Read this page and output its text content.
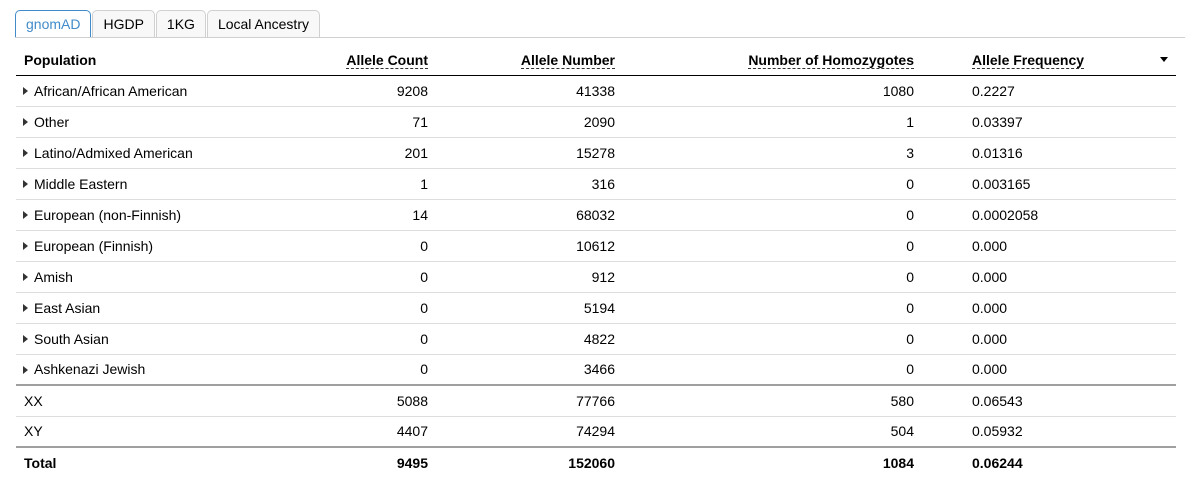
gnomAD	HGDP	1KG	Local Ancestry
Population	Allele Count	Allele Number	Number of Homozygotes	Allele Frequency

African/African American	9208	41338	1080	0.2227
Other	71	2090	1	0.03397
Latino/Admixed American	201	15278	3	0.01316
Middle Eastern	1	316	0	0.003165
European (non-Finnish)	14	68032	0	0.0002058
European (Finnish)	0	10612	0	0.000
Amish	0	912	0	0.000
East Asian	0	5194	0	0.000
South Asian	0	4822	0	0.000
Ashkenazi Jewish	0	3466	0	0.000
XX	5088	77766	580	0.06543
XY	4407	74294	504	0.05932
Total	9495	152060	1084	0.06244
